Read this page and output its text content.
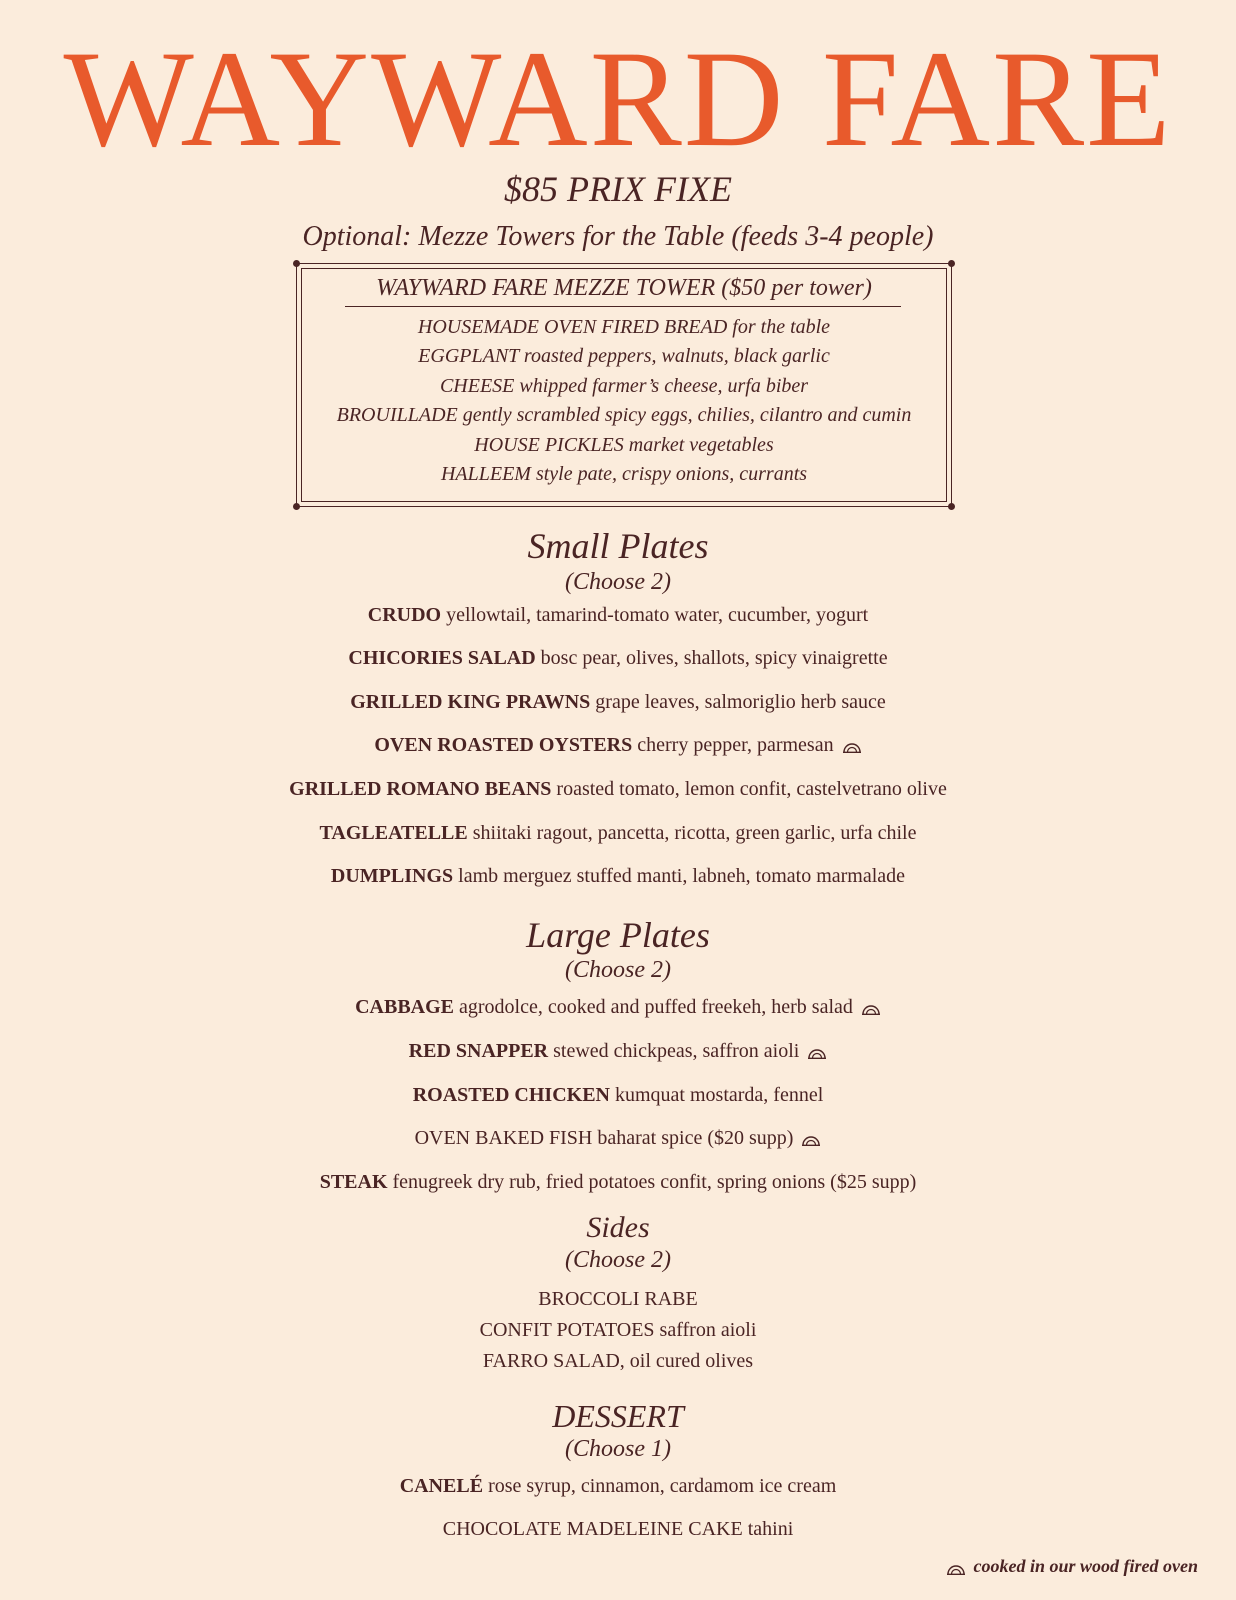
WAYWARD FARE
$85 PRIX FIXE
Optional: Mezze Towers for the Table (feeds 3-4 people)
WAYWARD FARE MEZZE TOWER ($50 per tower)
HOUSEMADE OVEN FIRED BREAD for the table
EGGPLANT roasted peppers, walnuts, black garlic
CHEESE whipped farmer’s cheese, urfa biber
BROUILLADE gently scrambled spicy eggs, chilies, cilantro and cumin
HOUSE PICKLES market vegetables
HALLEEM style pate, crispy onions, currants
Small Plates
(Choose 2)
CRUDO yellowtail, tamarind-tomato water, cucumber, yogurt
CHICORIES SALAD bosc pear, olives, shallots, spicy vinaigrette
GRILLED KING PRAWNS grape leaves, salmoriglio herb sauce
OVEN ROASTED OYSTERS cherry pepper, parmesan
GRILLED ROMANO BEANS roasted tomato, lemon confit, castelvetrano olive
TAGLEATELLE shiitaki ragout, pancetta, ricotta, green garlic, urfa chile
DUMPLINGS lamb merguez stuffed manti, labneh, tomato marmalade
Large Plates
(Choose 2)
CABBAGE agrodolce, cooked and puffed freekeh, herb salad
RED SNAPPER stewed chickpeas, saffron aioli
ROASTED CHICKEN kumquat mostarda, fennel
OVEN BAKED FISH baharat spice ($20 supp)
STEAK fenugreek dry rub, fried potatoes confit, spring onions ($25 supp)
Sides
(Choose 2)
BROCCOLI RABE
CONFIT POTATOES saffron aioli
FARRO SALAD, oil cured olives
DESSERT
(Choose 1)
CANELÉ rose syrup, cinnamon, cardamom ice cream
CHOCOLATE MADELEINE CAKE tahini
cooked in our wood fired oven
